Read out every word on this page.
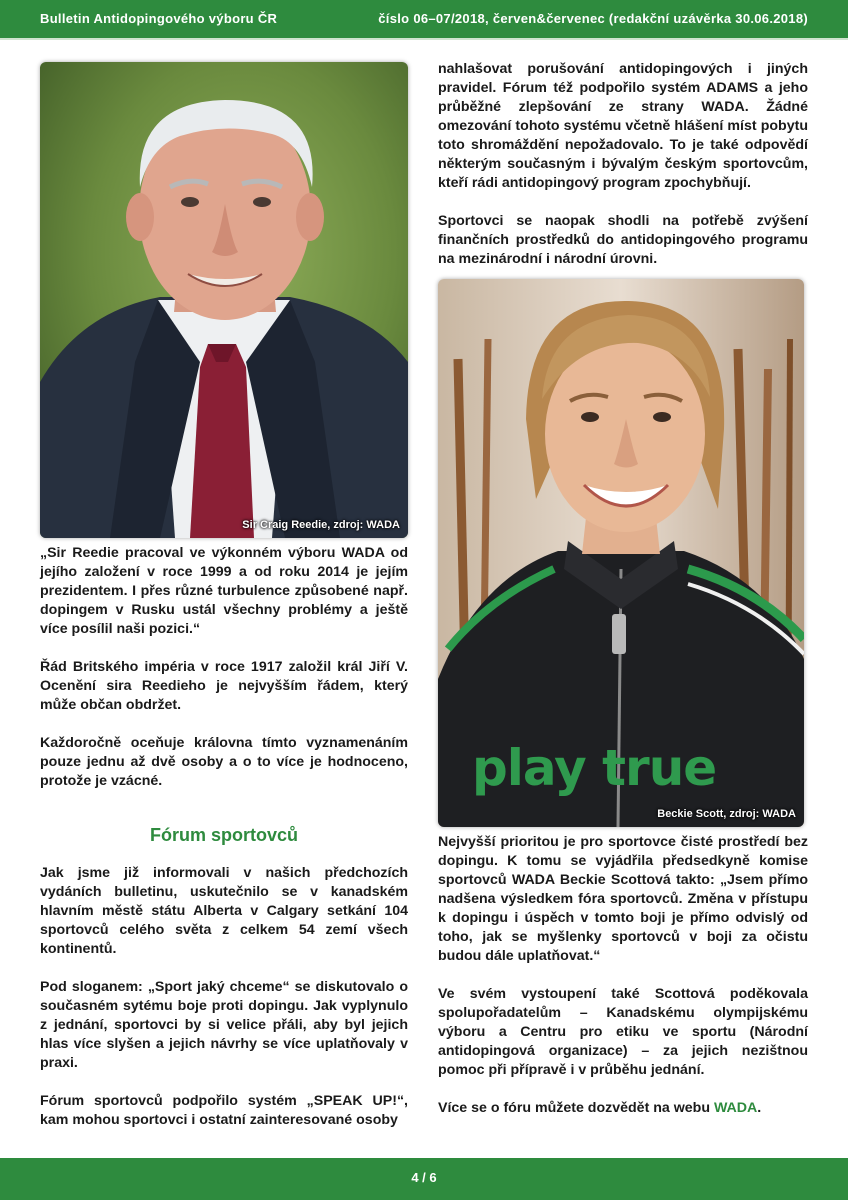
Bulletin Antidopingového výboru ČR	číslo 06–07/2018, červen&červenec (redakční uzávěrka 30.06.2018)
Sir Craig Reedie, zdroj: WADA

„Sir Reedie pracoval ve výkonném výboru WADA od jejího založení v roce 1999 a od roku 2014 je jejím prezidentem. I přes různé turbulence způsobené např. dopingem v Rusku ustál všechny problémy a ještě více posílil naši pozici.“

Řád Britského impéria v roce 1917 založil král Jiří V. Ocenění sira Reedieho je nejvyšším řádem, který může občan obdržet.

Každoročně oceňuje královna tímto vyznamenáním pouze jednu až dvě osoby a o to více je hodnoceno, protože je vzácné.

Fórum sportovců

Jak jsme již informovali v našich předchozích vydáních bulletinu, uskutečnilo se v kanadském hlavním městě státu Alberta v Calgary setkání 104 sportovců celého světa z celkem 54 zemí všech kontinentů.

Pod sloganem: „Sport jaký chceme“ se diskutovalo o současném sytému boje proti dopingu. Jak vyplynulo z jednání, sportovci by si velice přáli, aby byl jejich hlas více slyšen a jejich návrhy se více uplatňovaly v praxi.

Fórum sportovců podpořilo systém „SPEAK UP!“, kam mohou sportovci i ostatní zainteresované osoby

nahlašovat porušování antidopingových i jiných pravidel. Fórum též podpořilo systém ADAMS a jeho průběžné zlepšování ze strany WADA. Žádné omezování tohoto systému včetně hlášení míst pobytu toto shromáždění nepožadovalo. To je také odpovědí některým současným i bývalým českým sportovcům, kteří rádi antidopingový program zpochybňují.

Sportovci se naopak shodli na potřebě zvýšení finančních prostředků do antidopingového programu na mezinárodní i národní úrovni.

play true
Beckie Scott, zdroj: WADA

Nejvyšší prioritou je pro sportovce čisté prostředí bez dopingu. K tomu se vyjádřila předsedkyně komise sportovců WADA Beckie Scottová takto: „Jsem přímo nadšena výsledkem fóra sportovců. Změna v přístupu k dopingu i úspěch v tomto boji je přímo odvislý od toho, jak se myšlenky sportovců v boji za očistu budou dále uplatňovat.“

Ve svém vystoupení také Scottová poděkovala spolupořadatelům – Kanadskému olympijskému výboru a Centru pro etiku ve sportu (Národní antidopingová organizace) – za jejich nezištnou pomoc při přípravě i v průběhu jednání.

Více se o fóru můžete dozvědět na webu WADA.

4 / 6
